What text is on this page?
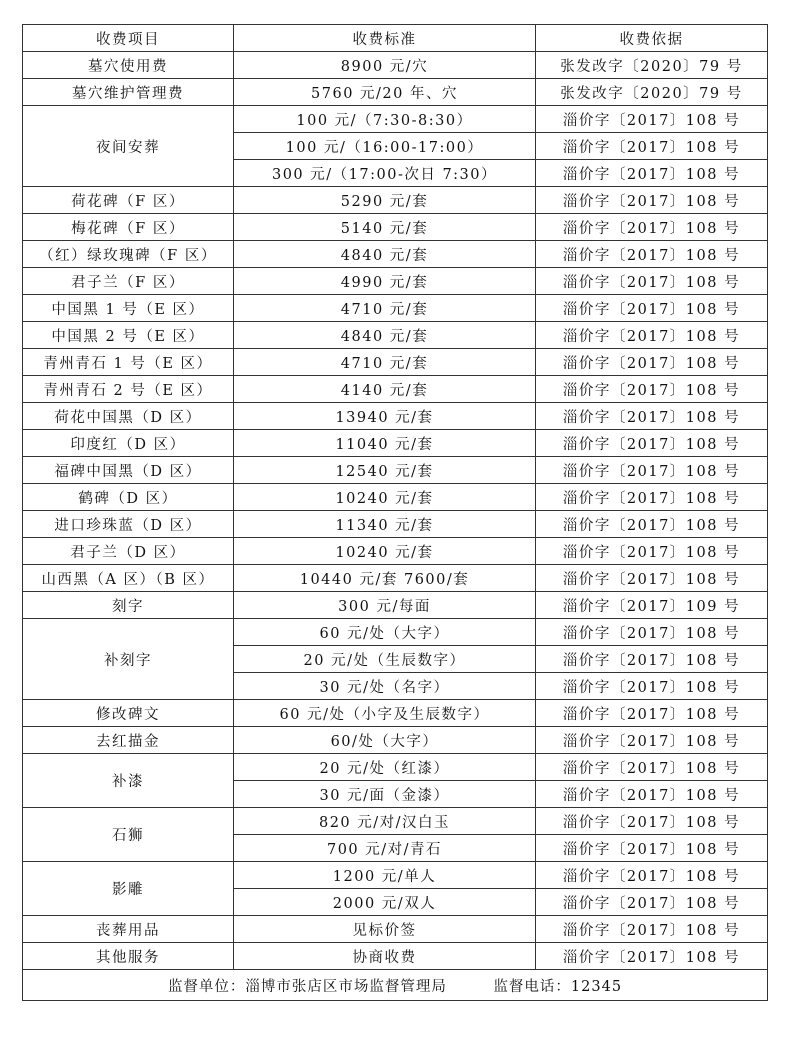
收费项目	收费标准	收费依据
墓穴使用费	8900 元/穴	张发改字〔2020〕79 号
墓穴维护管理费	5760 元/20 年、穴	张发改字〔2020〕79 号
夜间安葬	100 元/（7:30-8:30）	淄价字〔2017〕108 号
	100 元/（16:00-17:00）	淄价字〔2017〕108 号
	300 元/（17:00-次日 7:30）	淄价字〔2017〕108 号
荷花碑（F 区）	5290 元/套	淄价字〔2017〕108 号
梅花碑（F 区）	5140 元/套	淄价字〔2017〕108 号
（红）绿玫瑰碑（F 区）	4840 元/套	淄价字〔2017〕108 号
君子兰（F 区）	4990 元/套	淄价字〔2017〕108 号
中国黑 1 号（E 区）	4710 元/套	淄价字〔2017〕108 号
中国黑 2 号（E 区）	4840 元/套	淄价字〔2017〕108 号
青州青石 1 号（E 区）	4710 元/套	淄价字〔2017〕108 号
青州青石 2 号（E 区）	4140 元/套	淄价字〔2017〕108 号
荷花中国黑（D 区）	13940 元/套	淄价字〔2017〕108 号
印度红（D 区）	11040 元/套	淄价字〔2017〕108 号
福碑中国黑（D 区）	12540 元/套	淄价字〔2017〕108 号
鹤碑（D 区）	10240 元/套	淄价字〔2017〕108 号
进口珍珠蓝（D 区）	11340 元/套	淄价字〔2017〕108 号
君子兰（D 区）	10240 元/套	淄价字〔2017〕108 号
山西黑（A 区）（B 区）	10440 元/套 7600/套	淄价字〔2017〕108 号
刻字	300 元/每面	淄价字〔2017〕109 号
补刻字	60 元/处（大字）	淄价字〔2017〕108 号
	20 元/处（生辰数字）	淄价字〔2017〕108 号
	30 元/处（名字）	淄价字〔2017〕108 号
修改碑文	60 元/处（小字及生辰数字）	淄价字〔2017〕108 号
去红描金	60/处（大字）	淄价字〔2017〕108 号
补漆	20 元/处（红漆）	淄价字〔2017〕108 号
	30 元/面（金漆）	淄价字〔2017〕108 号
石狮	820 元/对/汉白玉	淄价字〔2017〕108 号
	700 元/对/青石	淄价字〔2017〕108 号
影雕	1200 元/单人	淄价字〔2017〕108 号
	2000 元/双人	淄价字〔2017〕108 号
丧葬用品	见标价签	淄价字〔2017〕108 号
其他服务	协商收费	淄价字〔2017〕108 号
监督单位：淄博市张店区市场监督管理局　　　监督电话：12345		
